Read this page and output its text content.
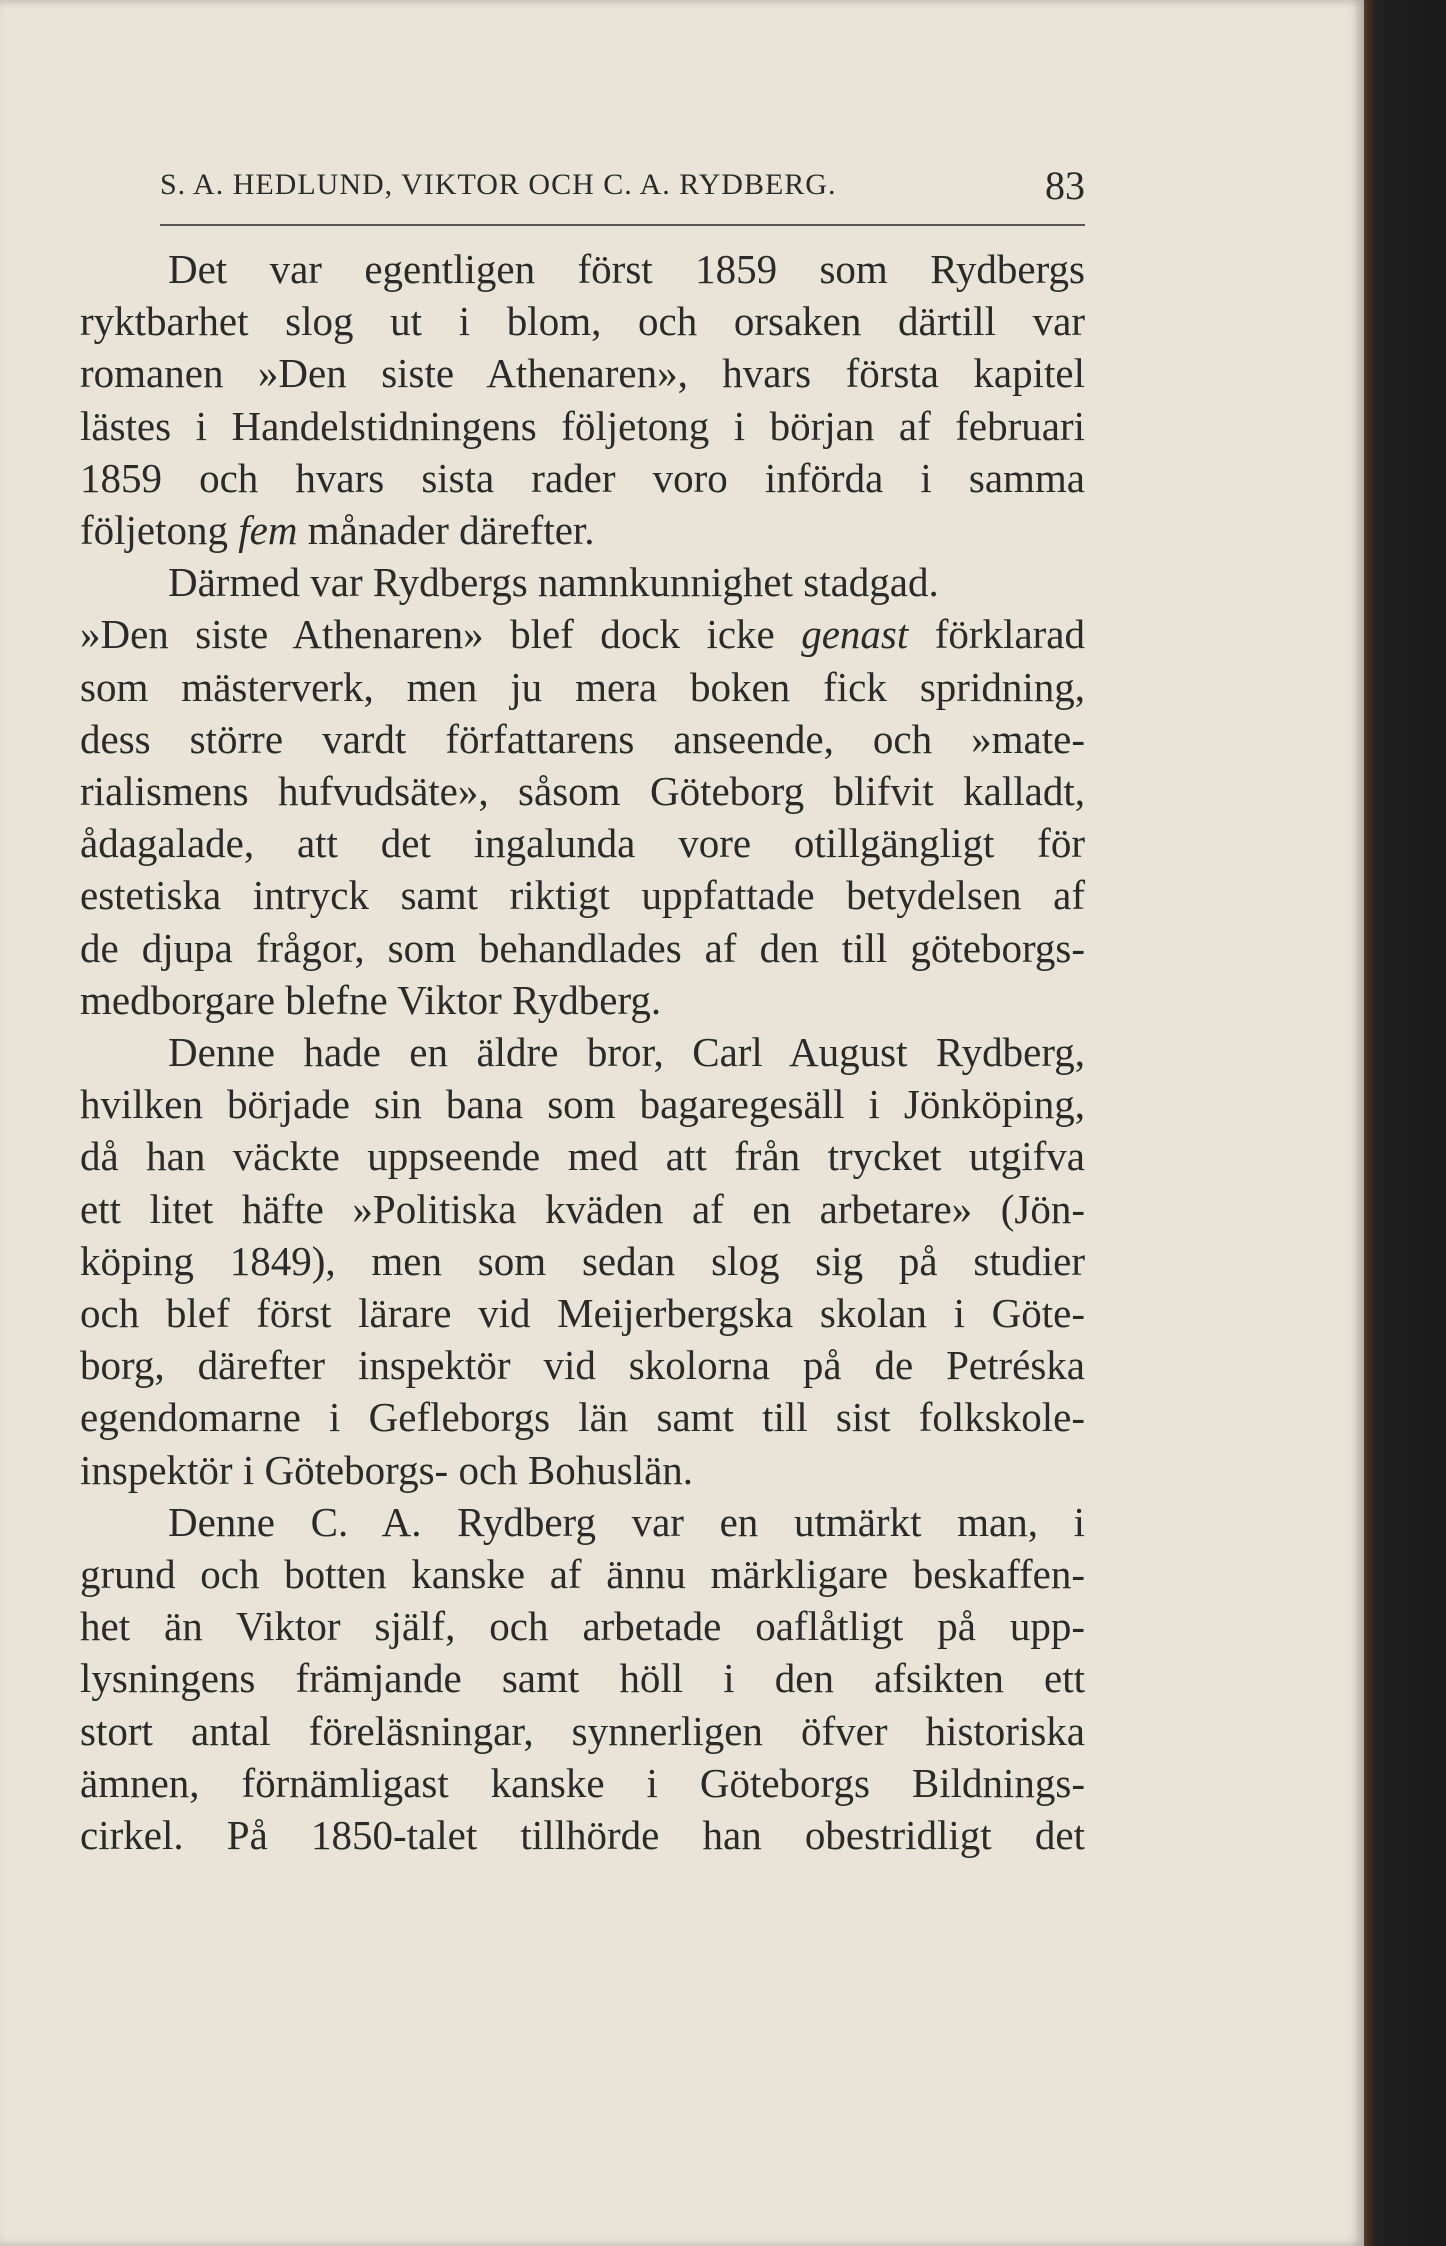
S. A. HEDLUND, VIKTOR OCH C. A. RYDBERG.	83

Det var egentligen först 1859 som Rydbergs
ryktbarhet slog ut i blom, och orsaken därtill var
romanen »Den siste Athenaren», hvars första kapitel
lästes i Handelstidningens följetong i början af februari
1859 och hvars sista rader voro införda i samma
följetong fem månader därefter.

Därmed var Rydbergs namnkunnighet stadgad.
»Den siste Athenaren» blef dock icke genast förklarad
som mästerverk, men ju mera boken fick spridning,
dess större vardt författarens anseende, och »mate-
rialismens hufvudsäte», såsom Göteborg blifvit kalladt,
ådagalade, att det ingalunda vore otillgängligt för
estetiska intryck samt riktigt uppfattade betydelsen af
de djupa frågor, som behandlades af den till göteborgs-
medborgare blefne Viktor Rydberg.

Denne hade en äldre bror, Carl August Rydberg,
hvilken började sin bana som bagaregesäll i Jönköping,
då han väckte uppseende med att från trycket utgifva
ett litet häfte »Politiska kväden af en arbetare» (Jön-
köping 1849), men som sedan slog sig på studier
och blef först lärare vid Meijerbergska skolan i Göte-
borg, därefter inspektör vid skolorna på de Petréska
egendomarne i Gefleborgs län samt till sist folkskole-
inspektör i Göteborgs- och Bohuslän.

Denne C. A. Rydberg var en utmärkt man, i
grund och botten kanske af ännu märkligare beskaffen-
het än Viktor själf, och arbetade oaflåtligt på upp-
lysningens främjande samt höll i den afsikten ett
stort antal föreläsningar, synnerligen öfver historiska
ämnen, förnämligast kanske i Göteborgs Bildnings-
cirkel. På 1850-talet tillhörde han obestridligt det
